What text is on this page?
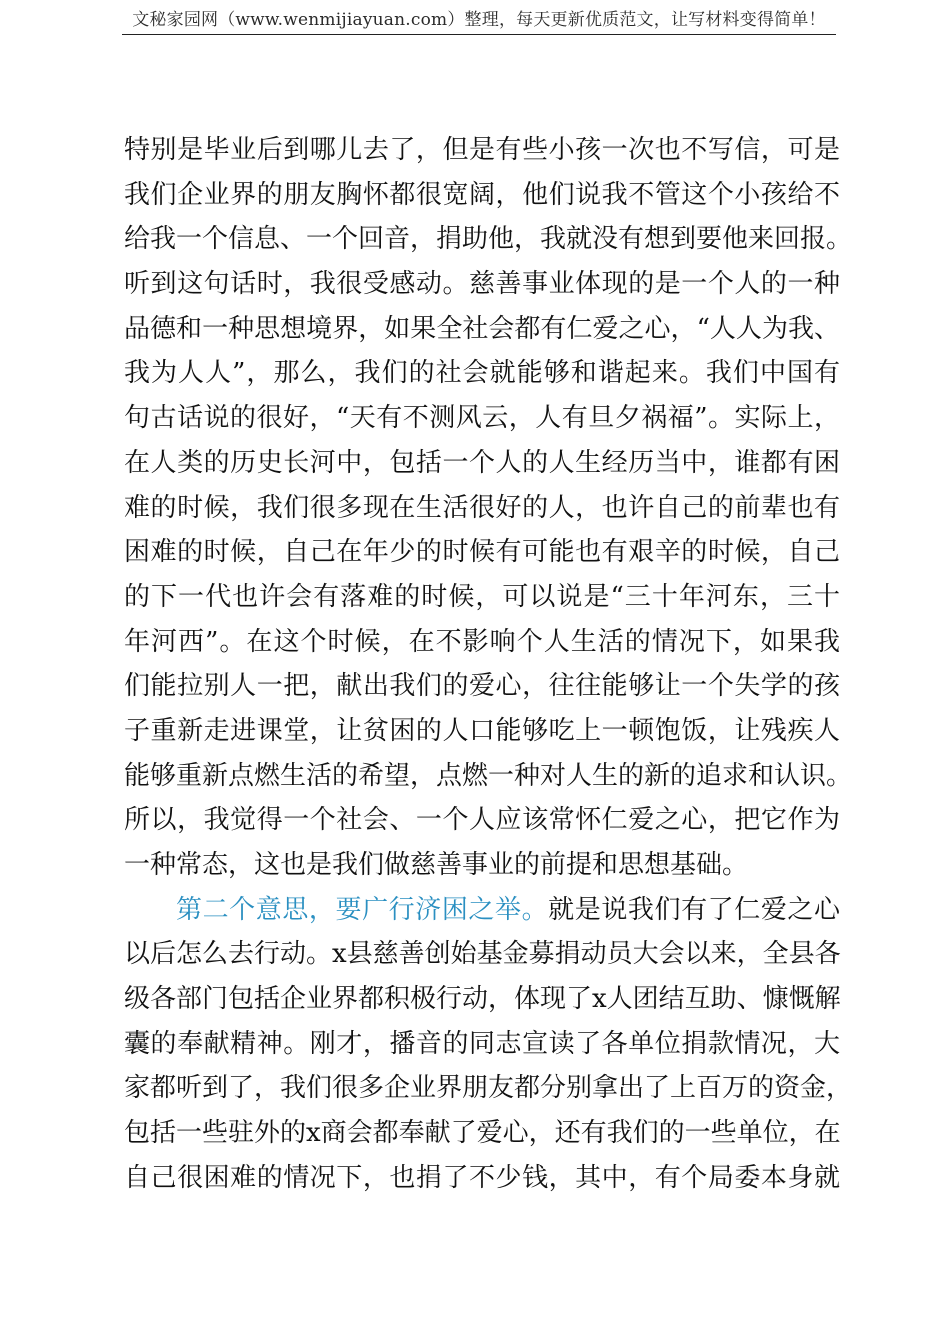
文秘家园网（www.wenmijiayuan.com）整理，每天更新优质范文，让写材料变得简单！
特别是毕业后到哪儿去了，但是有些小孩一次也不写信，可是
我们企业界的朋友胸怀都很宽阔，他们说我不管这个小孩给不
给我一个信息、一个回音，捐助他，我就没有想到要他来回报。
听到这句话时，我很受感动。慈善事业体现的是一个人的一种
品德和一种思想境界，如果全社会都有仁爱之心，“人人为我、
我为人人”，那么，我们的社会就能够和谐起来。我们中国有
句古话说的很好，“天有不测风云，人有旦夕祸福”。实际上，
在人类的历史长河中，包括一个人的人生经历当中，谁都有困
难的时候，我们很多现在生活很好的人，也许自己的前辈也有
困难的时候，自己在年少的时候有可能也有艰辛的时候，自己
的下一代也许会有落难的时候，可以说是“三十年河东，三十
年河西”。在这个时候，在不影响个人生活的情况下，如果我
们能拉别人一把，献出我们的爱心，往往能够让一个失学的孩
子重新走进课堂，让贫困的人口能够吃上一顿饱饭，让残疾人
能够重新点燃生活的希望，点燃一种对人生的新的追求和认识。
所以，我觉得一个社会、一个人应该常怀仁爱之心，把它作为
一种常态，这也是我们做慈善事业的前提和思想基础。
第二个意思，要广行济困之举。就是说我们有了仁爱之心
以后怎么去行动。x县慈善创始基金募捐动员大会以来，全县各
级各部门包括企业界都积极行动，体现了x人团结互助、慷慨解
囊的奉献精神。刚才，播音的同志宣读了各单位捐款情况，大
家都听到了，我们很多企业界朋友都分别拿出了上百万的资金，
包括一些驻外的x商会都奉献了爱心，还有我们的一些单位，在
自己很困难的情况下，也捐了不少钱，其中，有个局委本身就
